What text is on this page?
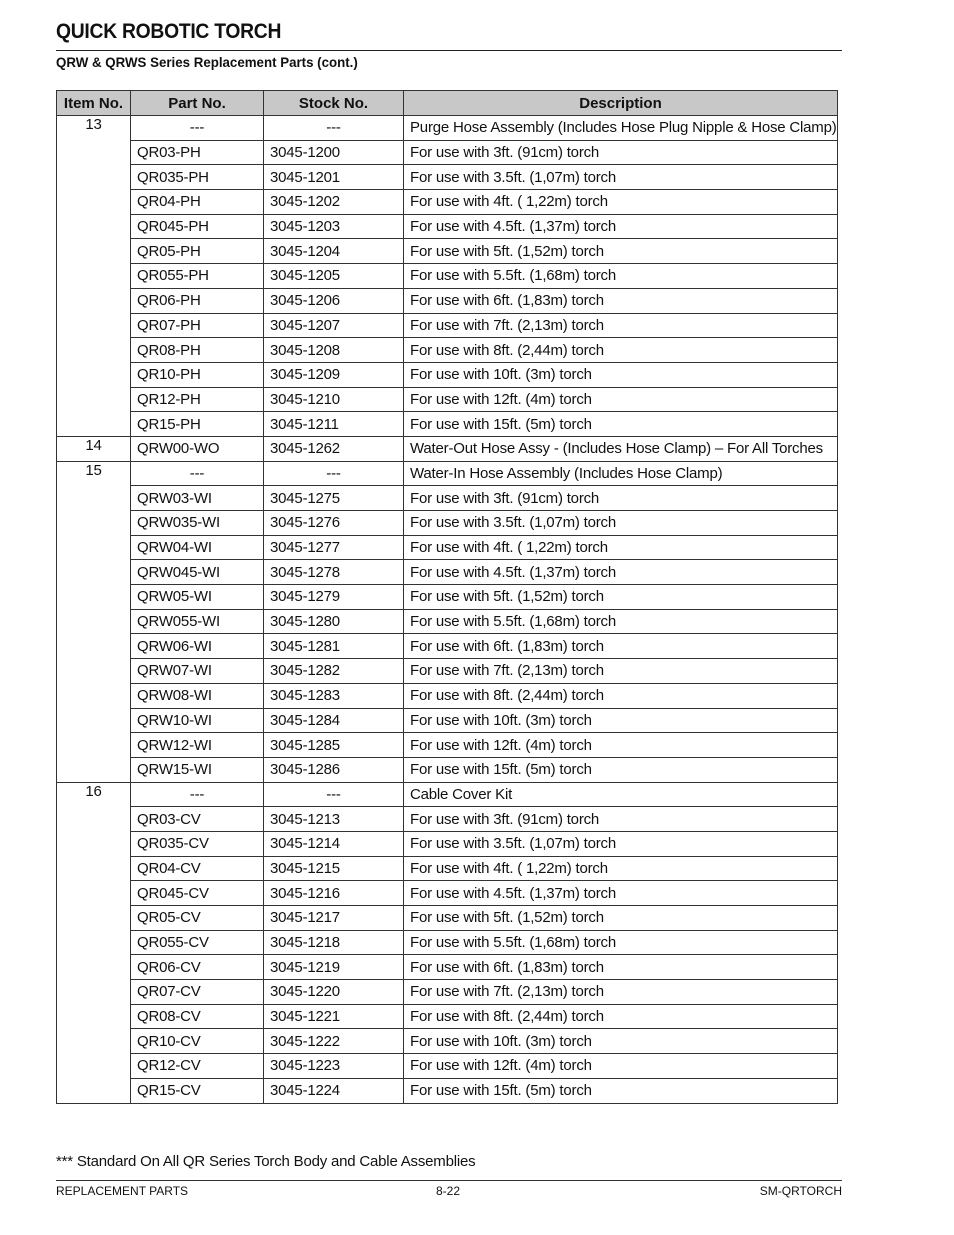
QUICK ROBOTIC TORCH
QRW & QRWS Series Replacement Parts (cont.)
Item No.	Part No.	Stock No.	Description
13	---	---	Purge Hose Assembly (Includes Hose Plug Nipple & Hose Clamp)
	QR03-PH	3045-1200	For use with 3ft. (91cm) torch
	QR035-PH	3045-1201	For use with 3.5ft. (1,07m) torch
	QR04-PH	3045-1202	For use with 4ft. ( 1,22m) torch
	QR045-PH	3045-1203	For use with 4.5ft. (1,37m) torch
	QR05-PH	3045-1204	For use with 5ft. (1,52m) torch
	QR055-PH	3045-1205	For use with 5.5ft. (1,68m) torch
	QR06-PH	3045-1206	For use with 6ft. (1,83m) torch
	QR07-PH	3045-1207	For use with 7ft. (2,13m) torch
	QR08-PH	3045-1208	For use with 8ft. (2,44m) torch
	QR10-PH	3045-1209	For use with 10ft. (3m) torch
	QR12-PH	3045-1210	For use with 12ft. (4m) torch
	QR15-PH	3045-1211	For use with 15ft. (5m) torch
14	QRW00-WO	3045-1262	Water-Out Hose Assy - (Includes Hose Clamp) – For All Torches
15	---	---	Water-In Hose Assembly (Includes Hose Clamp)
	QRW03-WI	3045-1275	For use with 3ft. (91cm) torch
	QRW035-WI	3045-1276	For use with 3.5ft. (1,07m) torch
	QRW04-WI	3045-1277	For use with 4ft. ( 1,22m) torch
	QRW045-WI	3045-1278	For use with 4.5ft. (1,37m) torch
	QRW05-WI	3045-1279	For use with 5ft. (1,52m) torch
	QRW055-WI	3045-1280	For use with 5.5ft. (1,68m) torch
	QRW06-WI	3045-1281	For use with 6ft. (1,83m) torch
	QRW07-WI	3045-1282	For use with 7ft. (2,13m) torch
	QRW08-WI	3045-1283	For use with 8ft. (2,44m) torch
	QRW10-WI	3045-1284	For use with 10ft. (3m) torch
	QRW12-WI	3045-1285	For use with 12ft. (4m) torch
	QRW15-WI	3045-1286	For use with 15ft. (5m) torch
16	---	---	Cable Cover Kit
	QR03-CV	3045-1213	For use with 3ft. (91cm) torch
	QR035-CV	3045-1214	For use with 3.5ft. (1,07m) torch
	QR04-CV	3045-1215	For use with 4ft. ( 1,22m) torch
	QR045-CV	3045-1216	For use with 4.5ft. (1,37m) torch
	QR05-CV	3045-1217	For use with 5ft. (1,52m) torch
	QR055-CV	3045-1218	For use with 5.5ft. (1,68m) torch
	QR06-CV	3045-1219	For use with 6ft. (1,83m) torch
	QR07-CV	3045-1220	For use with 7ft. (2,13m) torch
	QR08-CV	3045-1221	For use with 8ft. (2,44m) torch
	QR10-CV	3045-1222	For use with 10ft. (3m) torch
	QR12-CV	3045-1223	For use with 12ft. (4m) torch
	QR15-CV	3045-1224	For use with 15ft. (5m) torch
*** Standard On All QR Series Torch Body and Cable Assemblies
REPLACEMENT PARTS	8-22	SM-QRTORCH
